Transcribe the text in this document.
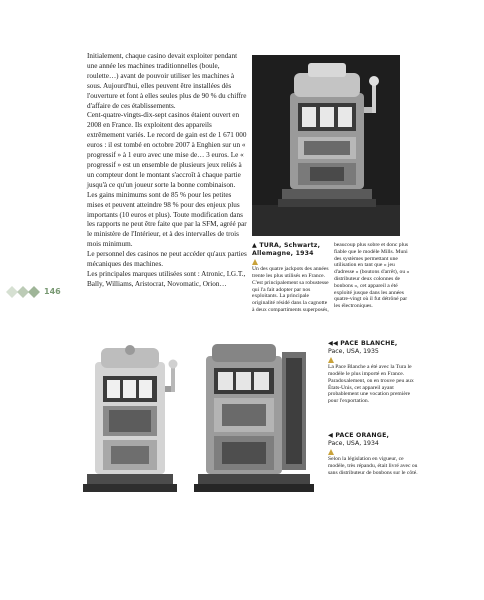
146

Initialement, chaque casino devait exploiter pendant une année les machines traditionnelles (boule, roulette…) avant de pouvoir utiliser les machines à sous. Aujourd'hui, elles peuvent être installées dès l'ouverture et font à elles seules plus de 90 % du chiffre d'affaire de ces établissements.

Cent-quatre-vingts-dix-sept casinos étaient ouvert en 2008 en France. Ils exploitent des appareils extrêmement variés. Le record de gain est de 1 671 000 euros : il est tombé en octobre 2007 à Enghien sur un « progressif » à 1 euro avec une mise de… 3 euros. Le « progressif » est un ensemble de plusieurs jeux reliés à un compteur dont le montant s'accroît à chaque partie jusqu'à ce qu'un joueur sorte la bonne combinaison.

Les gains minimums sont de 85 % pour les petites mises et peuvent atteindre 98 % pour des enjeux plus importants (10 euros et plus). Toute modification dans les rapports ne peut être faite que par la SFM, agréé par le ministère de l'Intérieur, et à des intervalles de trois mois minimum.

Le personnel des casinos ne peut accéder qu'aux parties mécaniques des machines.

Les principales marques utilisées sont : Atronic, I.G.T., Bally, Williams, Aristocrat, Novomatic, Orion…

▲ TURA, Schwartz,
Allemagne, 1934
Un des quatre jackpots des années trente les plus utilisés en France. C'est principalement sa robustesse qui l'a fait adopter par nos exploitants. La principale originalité résidé dans la cagnotte à deux compartiments superposés,
beaucoup plus sobre et donc plus fiable que le modèle Mills. Muni des systèmes permettant une utilisation en tant que « jeu d'adresse » (boutons d'arrêt), ou « distributeur deux colonnes de bonbons », cet appareil a été exploité jusque dans les années quatre-vingt où il fut détrôné par les électroniques.
◀◀ PACE BLANCHE,
Pace, USA, 1935
La Pace Blanche a été avec la Tura le modèle le plus importé en France. Paradoxalement, on en trouve peu aux États-Unis, cet appareil ayant probablement une vocation première pour l'exportation.
◀ PACE ORANGE,
Pace, USA, 1934
Selon la législation en vigueur, ce modèle, très répandu, était livré avec ou sans distributeur de bonbons sur le côté.
